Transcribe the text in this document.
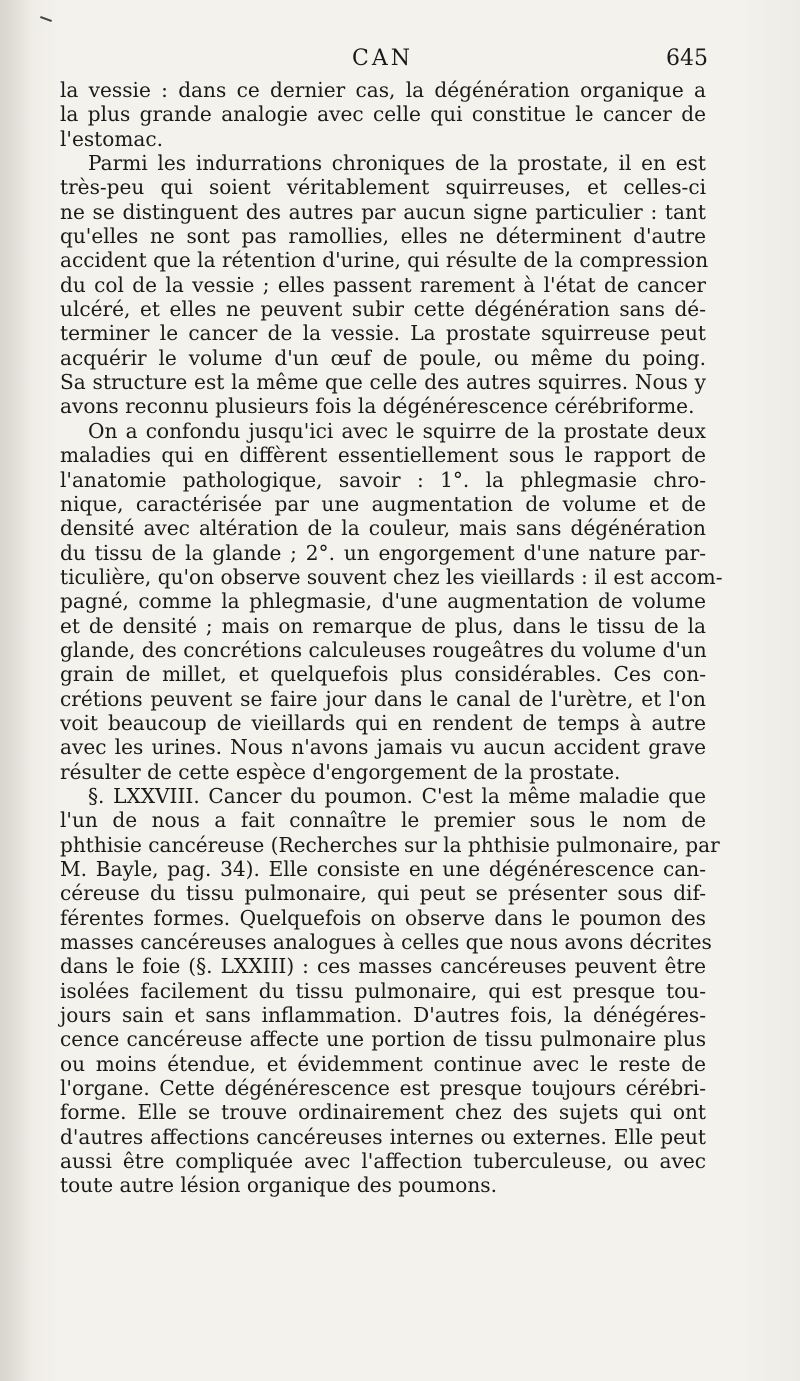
CAN	645
la vessie : dans ce dernier cas, la dégénération organique a
la plus grande analogie avec celle qui constitue le cancer de
l'estomac.
Parmi les indurrations chroniques de la prostate, il en est
très-peu qui soient véritablement squirreuses, et celles-ci
ne se distinguent des autres par aucun signe particulier : tant
qu'elles ne sont pas ramollies, elles ne déterminent d'autre
accident que la rétention d'urine, qui résulte de la compression
du col de la vessie ; elles passent rarement à l'état de cancer
ulcéré, et elles ne peuvent subir cette dégénération sans dé-
terminer le cancer de la vessie. La prostate squirreuse peut
acquérir le volume d'un œuf de poule, ou même du poing.
Sa structure est la même que celle des autres squirres. Nous y
avons reconnu plusieurs fois la dégénérescence cérébriforme.
On a confondu jusqu'ici avec le squirre de la prostate deux
maladies qui en diffèrent essentiellement sous le rapport de
l'anatomie pathologique, savoir : 1°. la phlegmasie chro-
nique, caractérisée par une augmentation de volume et de
densité avec altération de la couleur, mais sans dégénération
du tissu de la glande ; 2°. un engorgement d'une nature par-
ticulière, qu'on observe souvent chez les vieillards : il est accom-
pagné, comme la phlegmasie, d'une augmentation de volume
et de densité ; mais on remarque de plus, dans le tissu de la
glande, des concrétions calculeuses rougeâtres du volume d'un
grain de millet, et quelquefois plus considérables. Ces con-
crétions peuvent se faire jour dans le canal de l'urètre, et l'on
voit beaucoup de vieillards qui en rendent de temps à autre
avec les urines. Nous n'avons jamais vu aucun accident grave
résulter de cette espèce d'engorgement de la prostate.
§. LXXVIII. Cancer du poumon. C'est la même maladie que
l'un de nous a fait connaître le premier sous le nom de
phthisie cancéreuse (Recherches sur la phthisie pulmonaire, par
M. Bayle, pag. 34). Elle consiste en une dégénérescence can-
céreuse du tissu pulmonaire, qui peut se présenter sous dif-
férentes formes. Quelquefois on observe dans le poumon des
masses cancéreuses analogues à celles que nous avons décrites
dans le foie (§. LXXIII) : ces masses cancéreuses peuvent être
isolées facilement du tissu pulmonaire, qui est presque tou-
jours sain et sans inflammation. D'autres fois, la dénégéres-
cence cancéreuse affecte une portion de tissu pulmonaire plus
ou moins étendue, et évidemment continue avec le reste de
l'organe. Cette dégénérescence est presque toujours cérébri-
forme. Elle se trouve ordinairement chez des sujets qui ont
d'autres affections cancéreuses internes ou externes. Elle peut
aussi être compliquée avec l'affection tuberculeuse, ou avec
toute autre lésion organique des poumons.
